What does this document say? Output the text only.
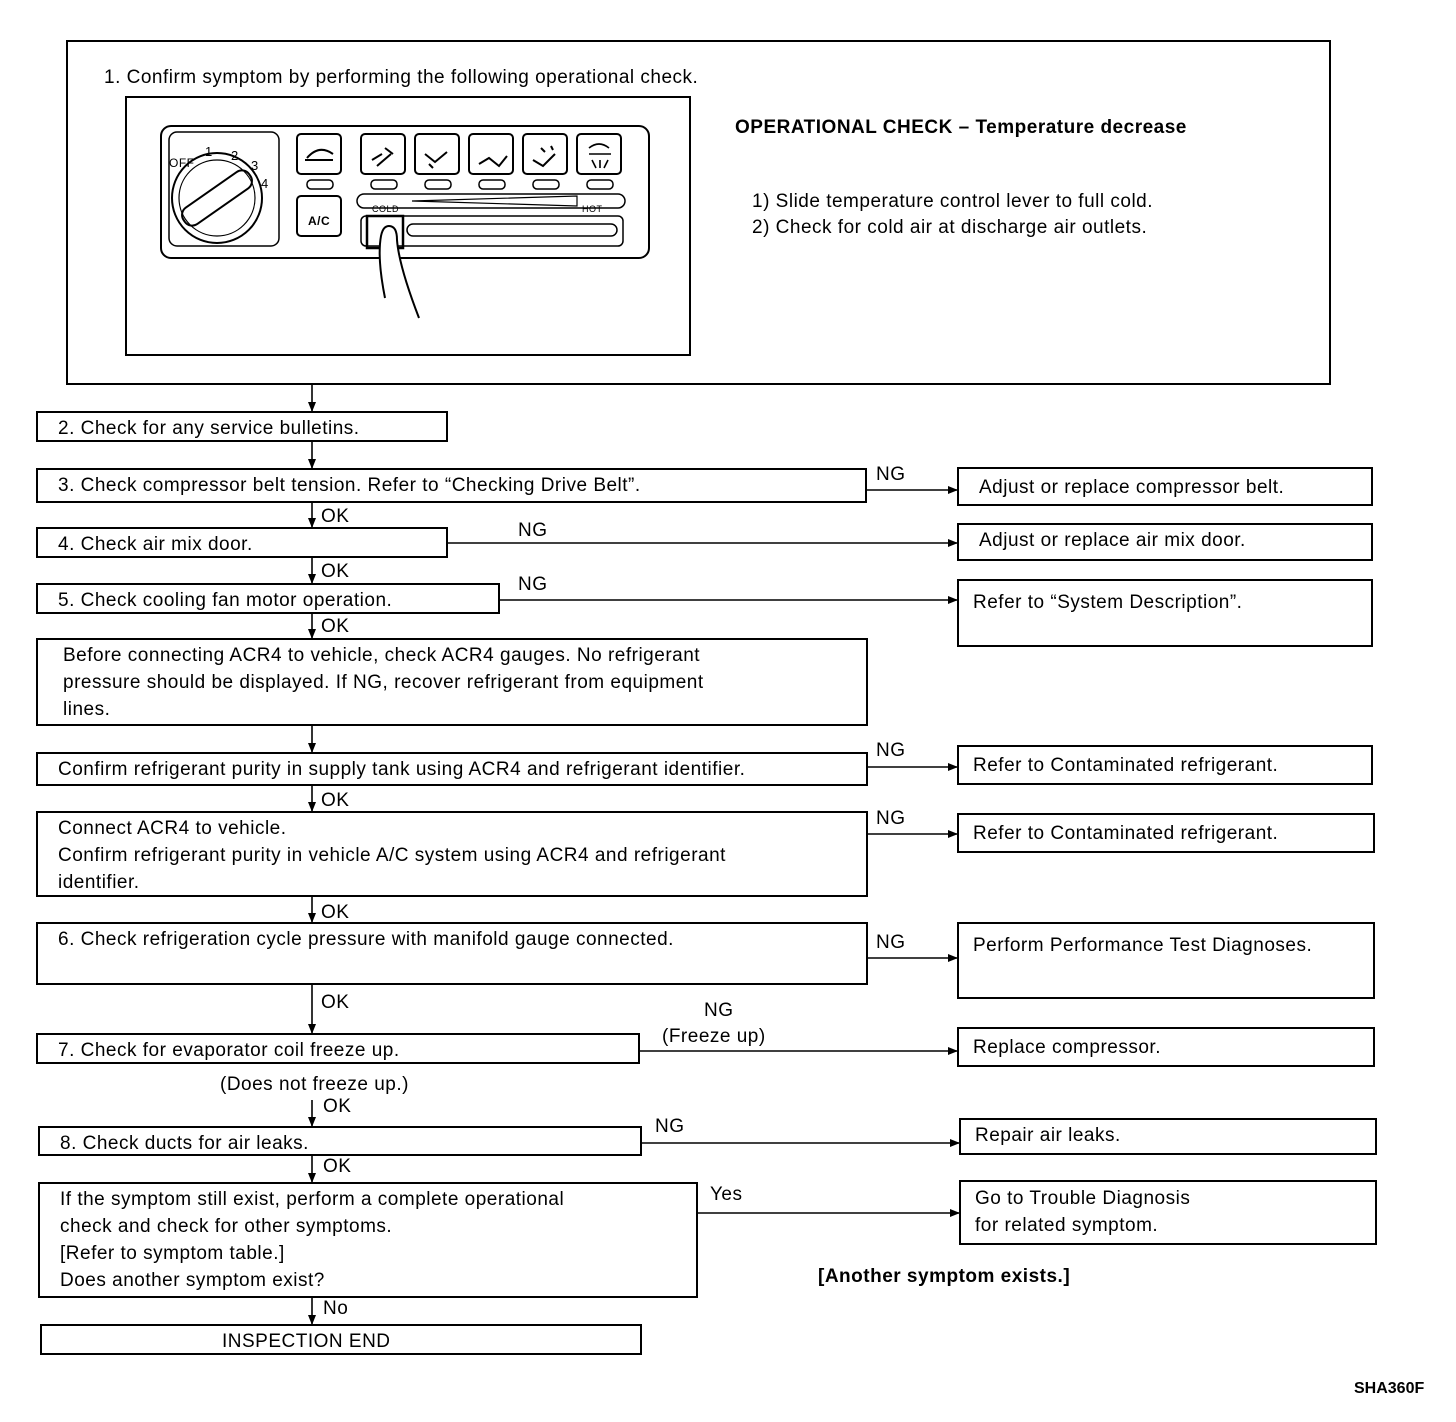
1. Confirm symptom by performing the following operational check.
OFF
1 2
3
4
A/C
COLD	HOT
OPERATIONAL CHECK – Temperature decrease
1) Slide temperature control lever to full cold.
2) Check for cold air at discharge air outlets.
2. Check for any service bulletins.
3. Check compressor belt tension. Refer to “Checking Drive Belt”.
4. Check air mix door.
5. Check cooling fan motor operation.
Before connecting ACR4 to vehicle, check ACR4 gauges. No refrigerant
pressure should be displayed. If NG, recover refrigerant from equipment
lines.
Confirm refrigerant purity in supply tank using ACR4 and refrigerant identifier.
Connect ACR4 to vehicle.
Confirm refrigerant purity in vehicle A/C system using ACR4 and refrigerant
identifier.
6. Check refrigeration cycle pressure with manifold gauge connected.
7. Check for evaporator coil freeze up.
8. Check ducts for air leaks.
If the symptom still exist, perform a complete operational
check and check for other symptoms.
[Refer to symptom table.]
Does another symptom exist?
INSPECTION END
Adjust or replace compressor belt.
Adjust or replace air mix door.
Refer to “System Description”.
Refer to Contaminated refrigerant.
Refer to Contaminated refrigerant.
Perform Performance Test Diagnoses.
Replace compressor.
Repair air leaks.
Go to Trouble Diagnosis
for related symptom.
OK
OK
OK
OK
OK
OK
OK
OK
NG
NG
NG
NG
NG
NG
NG
(Freeze up)
NG
(Does not freeze up.)
Yes
No
[Another symptom exists.]
SHA360F
